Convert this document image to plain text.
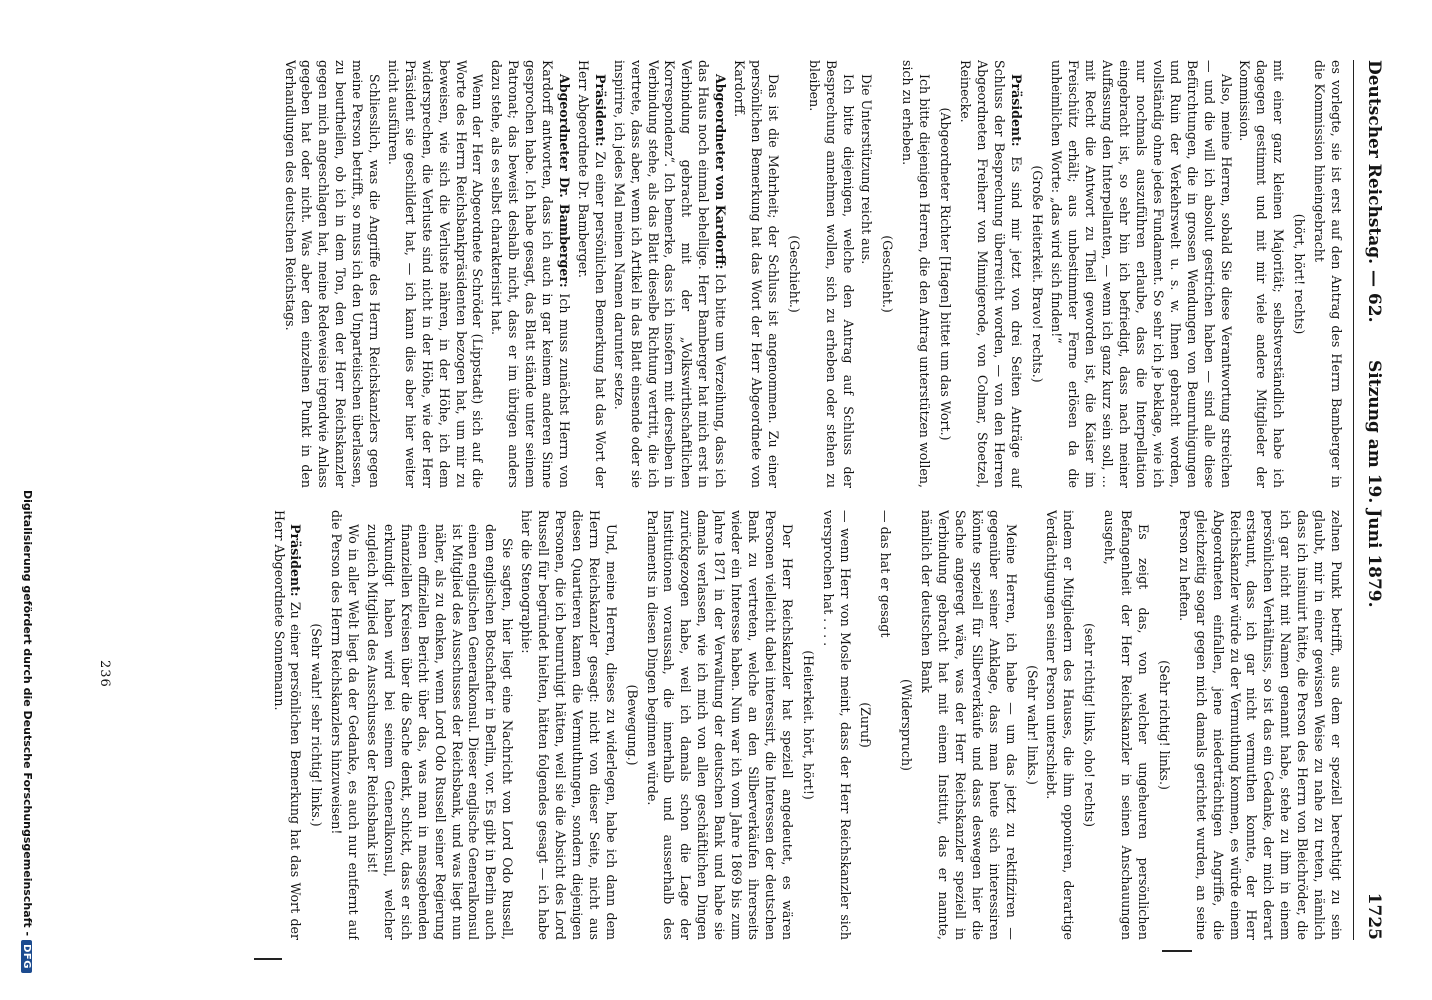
Deutscher Reichstag. — 62.
Sitzung am 19. Juni 1879.
1725

es vorlegte, sie ist erst auf den Antrag des Herrn Bamberger in die Kommission hineingebracht

(hört, hört! rechts)

mit einer ganz kleinen Majorität; selbstverständlich habe ich dagegen gestimmt und mit mir viele andere Mitglieder der Kommission.

Also, meine Herren, sobald Sie diese Verantwortung streichen — und die will ich absolut gestrichen haben — sind alle diese Befürchtungen, die in grossen Wendungen von Beunruhigungen und Ruin der Verkehrswelt u. s. w. Ihnen gebracht worden, vollständig ohne jedes Fundament. So sehr ich je beklage, wie ich nur nochmals auszuführen erlaube, dass die Interpellation eingebracht ist, so sehr bin ich befriedigt, dass nach meiner Auffassung den Interpellanten, — wenn ich ganz kurz sein soll, … mit Recht die Antwort zu Theil geworden ist, die Kaiser im Freischütz erhält; aus unbestimmter Ferne erlösen da die unheimlichen Worte: „das wird sich finden!“

(Große Heiterkeit. Bravo! rechts.)

Präsident: Es sind mir jetzt von drei Seiten Anträge auf Schluss der Besprechung überreicht worden, — von den Herren Abgeordneten Freiherr von Minnigerode, von Colmar, Stoetzel, Reinecke.

(Abgeordneter Richter [Hagen] bittet um das Wort.)

Ich bitte diejenigen Herren, die den Antrag unterstützen wollen, sich zu erheben.

(Geschieht.)

Die Unterstützung reicht aus.

Ich bitte diejenigen, welche den Antrag auf Schluss der Besprechung annehmen wollen, sich zu erheben oder stehen zu bleiben.

(Geschieht.)

Das ist die Mehrheit; der Schluss ist angenommen. Zu einer persönlichen Bemerkung hat das Wort der Herr Abgeordnete von Kardorff.

Abgeordneter von Kardorff: Ich bitte um Verzeihung, dass ich das Haus noch einmal behellige. Herr Bamberger hat mich erst in Verbindung gebracht mit der „Volkswirthschaftlichen Korrespondenz“. Ich bemerke, dass ich insofern mit derselben in Verbindung stehe, als das Blatt dieselbe Richtung vertritt, die ich vertrete, dass aber, wenn ich Artikel in das Blatt einsende oder sie inspirire, ich jedes Mal meinen Namen darunter setze.

Präsident: Zu einer persönlichen Bemerkung hat das Wort der Herr Abgeordnete Dr. Bamberger.

Abgeordneter Dr. Bamberger: Ich muss zunächst Herrn von Kardorff antworten, dass ich auch in gar keinem anderen Sinne gesprochen habe. Ich habe gesagt, das Blatt stände unter seinem Patronat; das beweist deshalb nicht, dass er im übrigen anders dazu stehe, als es selbst charakterisirt hat.

Wenn der Herr Abgeordnete Schröder (Lippstadt) sich auf die Worte des Herrn Reichsbankpräsidenten bezogen hat, um mir zu beweisen, wie sich die Verluste nähren, in der Höhe, ich dem widersprechen, die Verluste sind nicht in der Höhe, wie der Herr Präsident sie geschildert hat, — ich kann dies aber hier weiter nicht ausführen.

Schliesslich, was die Angriffe des Herrn Reichskanzlers gegen meine Person betrifft, so muss ich den Unparteiischen überlassen, zu beurtheilen, ob ich in dem Ton, den der Herr Reichskanzler gegen mich angeschlagen hat, meine Redeweise irgendwie Anlass gegeben hat oder nicht. Was aber den einzelnen Punkt in den Verhandlungen des deutschen Reichstags.

zelnen Punkt betrifft, aus dem er speziell berechtigt zu sein glaubt, mir in einer gewissen Weise zu nahe zu treten, nämlich dass ich insinuirt hätte, die Person des Herrn von Bleichröder, die ich gar nicht mit Namen genannt habe, stehe zu ihm in einem persönlichen Verhältniss, so ist das ein Gedanke, der mich derart erstaunt, dass ich gar nicht vermuthen konnte, der Herr Reichskanzler würde zu der Vermuthung kommen, es würde einem Abgeordneten einfallen, jene niederträchtigen Angriffe, die gleichzeitig sogar gegen mich damals gerichtet wurden, an seine Person zu heften.

(Sehr richtig! links.)

Es zeigt das, von welcher ungeheuren persönlichen Befangenheit der Herr Reichskanzler in seinen Anschauungen ausgeht,

(sehr richtig! links, oho! rechts)

indem er Mitgliedern des Hauses, die ihm opponiren, derartige Verdächtigungen seiner Person unterschiebt.

(Sehr wahr! links.)

Meine Herren, ich habe — um das jetzt zu rektifiziren — gegenüber seiner Anklage, dass man heute sich interessiren könnte speziell für Silberverkäufe und dass deswegen hier die Sache angeregt wäre, was der Herr Reichskanzler speziell in Verbindung gebracht hat mit einem Institut, das er nannte, nämlich der deutschen Bank

(Widerspruch)

— das hat er gesagt

(Zuruf)

— wenn Herr von Mosle meint, dass der Herr Reichskanzler sich versprochen hat . . . .

(Heiterkeit. hört, hört!)

Der Herr Reichskanzler hat speziell angedeutet, es wären Personen vielleicht dabei interessirt, die Interessen der deutschen Bank zu vertreten, welche an den Silberverkäufen ihrerseits wieder ein Interesse haben. Nun war ich vom Jahre 1869 bis zum Jahre 1871 in der Verwaltung der deutschen Bank und habe sie damals verlassen, wie ich mich von allen geschäftlichen Dingen zurückgezogen habe, weil ich damals schon die Lage der Institutionen voraussah, die innerhalb und ausserhalb des Parlaments in diesen Dingen beginnen würde.

(Bewegung.)

Und, meine Herren, dieses zu widerlegen, habe ich dann dem Herrn Reichskanzler gesagt: nicht von dieser Seite, nicht aus diesen Quartieren kamen die Vermuthungen, sondern diejenigen Personen, die ich beunruhigt hätten, weil sie die Absicht des Lord Russell für begründet hielten, hätten folgendes gesagt — ich habe hier die Stenographie:

Sie sagten, hier liegt eine Nachricht von Lord Odo Russell, dem englischen Botschafter in Berlin, vor. Es gibt in Berlin auch einen englischen Generalkonsul. Dieser englische Generalkonsul ist Mitglied des Ausschusses der Reichsbank, und was liegt nun näher, als zu denken, wenn Lord Odo Russell seiner Regierung einen offiziellen Bericht über das, was man in massgebenden finanziellen Kreisen über die Sache denkt, schickt, dass er sich erkundigt haben wird bei seinem Generalkonsul, welcher zugleich Mitglied des Ausschusses der Reichsbank ist!

Wo in aller Welt liegt da der Gedanke, es auch nur entfernt auf die Person des Herrn Reichskanzlers hinzuweisen!

(Sehr wahr! sehr richtig! links.)

Präsident: Zu einer persönlichen Bemerkung hat das Wort der Herr Abgeordnete Sonnemann.

236
Digitalisierung gefördert durch die Deutsche Forschungsgemeinschaft -DFG
